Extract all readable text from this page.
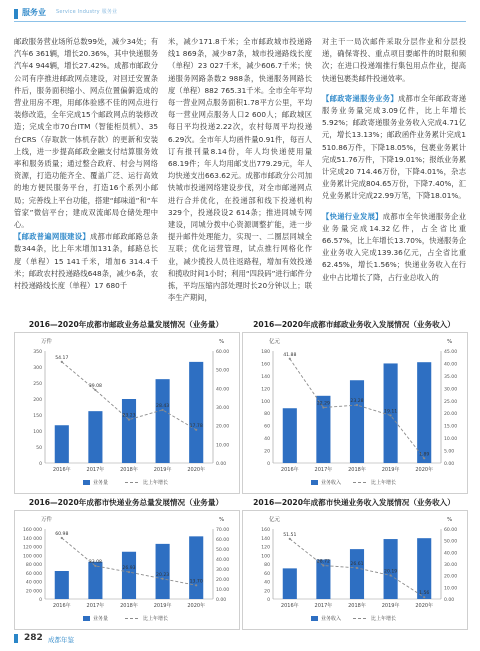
服务业 Service Industry 服务业

邮政服务营业场所总数99处，减少34处；有汽车6 361辆，增长20.36%，其中快递服务汽车4 944辆，增长27.42%。成都市邮政分公司有序推进邮政网点建设，对回迁安置条件后，服务面积缩小、网点位置偏僻造成的营业用房不理，用邮体验感不佳的网点进行装修改造，全年完成15个邮政网点的装修改造；完成全市70台ITM（智能柜员机）、35台CRS（存取款一体机存款）的更新和安装上线，进一步提高邮政金融支付结算服务效率和服务质量；通过整合政府、村会与网络资源，打造功能齐全、覆盖广泛、运行高效的地方便民服务平台，打造16个系列小邮局；完善线上平台功能，搭建“邮味道”和“车管家”微信平台；建成双流邮局仓储处理中心。

【邮政普遍网服建设】成都市邮政邮路总条数344条，比上年末增加131条，邮路总长度（单程）15 141千米，增加6 314.4千米；邮政农村投递路线648条，减少6条，农村投递路线长度（单程）17 680千

米，减少171.8千米；全市邮政城市投递路线1 869条，减少87条，城市投递路线长度（单程）23 027千米，减少606.7千米；快递服务网路条数2 988条，快递服务网路长度（单程）882 765.31千米。全市全年平均每一营业网点服务面积1.78平方公里，平均每一营业网点服务人口2 600人；邮政城区每日平均投递2.22次，农村每周平均投递6.29次。全市年人均函件量0.91件，每百人订有报刊量8.14份，年人均快递使用量68.19件；年人均用邮支出779.29元，年人均快递支出663.62元。成都市邮政分公司加快城市投递网络建设步伐，对全市邮递网点进行合并优化，在投递部和线下投递机构329个，投递段设2 614条；推进同城专网建设，同城分拨中心资源调整扩能，进一步提升邮件处理能力，实现一、二圈层同城全互联；优化运营管理，试点推行网格化作业，减少揽投人员往返路程，增加有效投递和揽收时间1小时；利用“四段码”进行邮件分拣，平均压缩内部处理时长20分钟以上；联李生产期间，

对主干一局次邮件采取分层作业和分层投递，确保寄投、重点项目要邮件的时限和频次；在进口投递端推行集包用点作业，提高快递包裹类邮件投递效率。

【邮政寄递服务业务】成都市全年邮政寄递服务业务量完成3.09亿件，比上年增长5.92%；邮政寄递服务业务收入完成4.71亿元，增长13.13%；邮政函件业务累计完成1 510.86万件，下降18.05%，包裹业务累计完成51.76万件，下降19.01%；报纸业务累计完成20 714.46万份，下降4.01%，杂志业务累计完成804.65万份，下降7.40%，汇兑业务累计完成22.99万笔，下降18.01%。

【快递行业发展】成都市全年快递服务企业业务量完成14.32亿件，占全省比重66.57%，比上年增长13.70%，快递服务企业业务收入完成139.36亿元，占全省比重62.45%，增长1.56%；快递业务收入在行业中占比增长了降，占行业总收入的

2016—2020年成都市邮政业务总量发展情况（业务量）
万件	%
0
50
100
150
200
250
300
350
0.00
10.00
20.00
30.00
40.00
50.00
60.00
2016年	2017年	2018年	2019年	2020年
54.17
39.08
23.23
28.43
17.78
业务量	比上年增长
2016—2020年成都市邮政业务收入发展情况（业务收入）
亿元	%
0
20
40
60
80
100
120
140
160
180
0.00
5.00
10.00
15.00
20.00
25.00
30.00
35.00
40.00
45.00
2016年	2017年	2018年	2019年	2020年
41.88
22.29	23.28
19.11
1.89
业务收入	比上年增长
2016—2020年成都市快递业务总量发展情况（业务量）
万件	%
0
20 000
40 000
60 000
80 000
100 000
120 000
140 000
160 000
0.00
10.00
20.00
30.00
40.00
50.00
60.00
70.00
2016年	2017年	2018年	2019年	2020年
60.98
33.08
26.93
20.23
13.70
业务量	比上年增长
2016—2020年成都市快递业务收入发展情况（业务收入）
亿元	%
0
20
40
60
80
100
120
140
160
0.00
10.00
20.00
30.00
40.00
50.00
60.00
2016年	2017年	2018年	2019年	2020年
51.51
28.72	26.61
20.19
1.56
业务收入	比上年增长
282 成都年鉴
